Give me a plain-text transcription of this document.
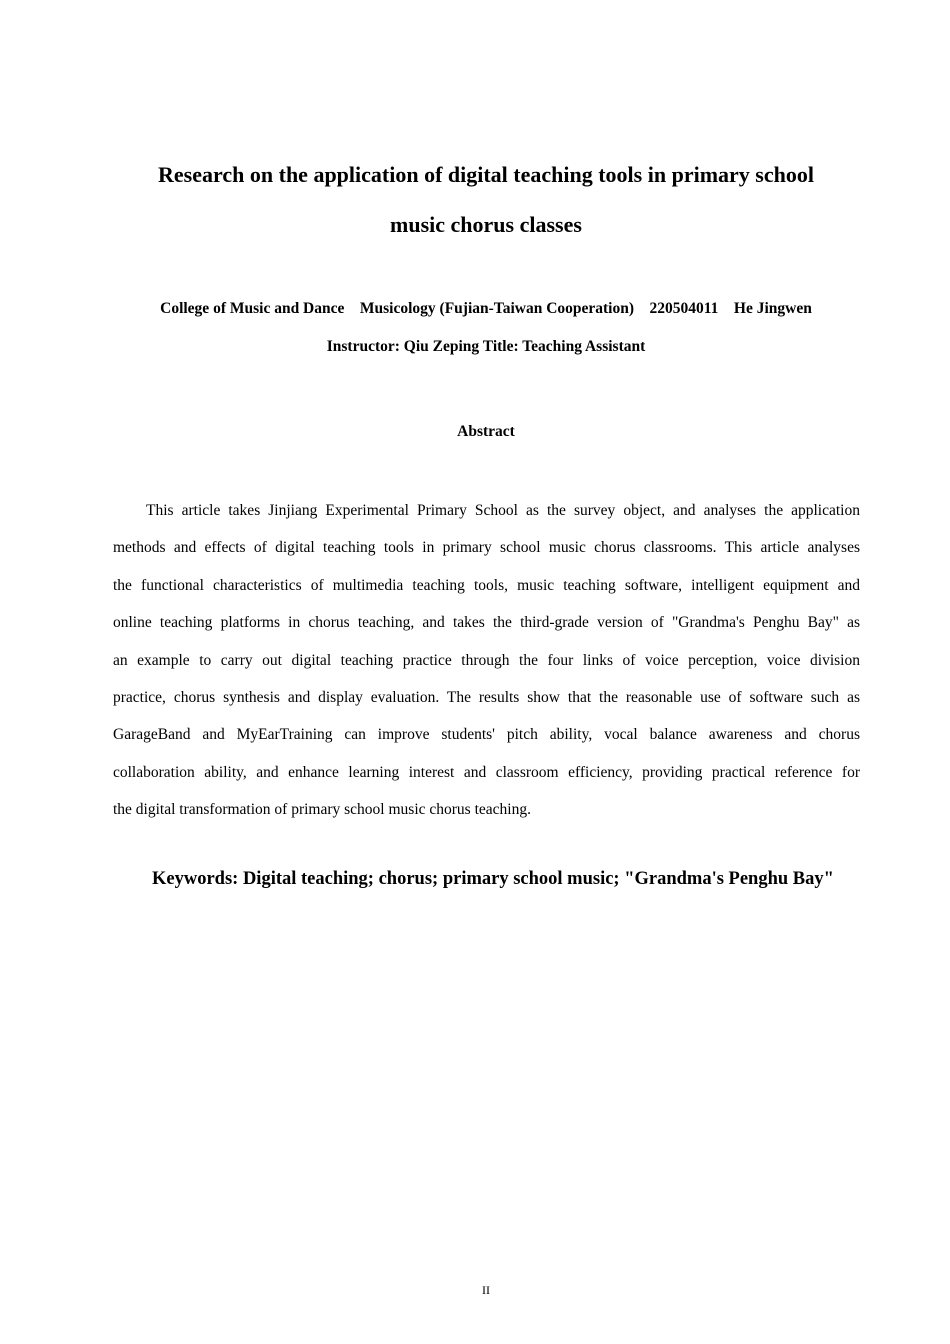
Research on the application of digital teaching tools in primary school
music chorus classes
College of Music and Dance    Musicology (Fujian-Taiwan Cooperation)    220504011    He Jingwen
Instructor: Qiu Zeping Title: Teaching Assistant
Abstract
This article takes Jinjiang Experimental Primary School as the survey object, and analyses the application
methods and effects of digital teaching tools in primary school music chorus classrooms. This article analyses
the functional characteristics of multimedia teaching tools, music teaching software, intelligent equipment and
online teaching platforms in chorus teaching, and takes the third-grade version of "Grandma's Penghu Bay" as
an example to carry out digital teaching practice through the four links of voice perception, voice division
practice, chorus synthesis and display evaluation. The results show that the reasonable use of software such as
GarageBand and MyEarTraining can improve students' pitch ability, vocal balance awareness and chorus
collaboration ability, and enhance learning interest and classroom efficiency, providing practical reference for
the digital transformation of primary school music chorus teaching.
Keywords: Digital teaching; chorus; primary school music; "Grandma's Penghu Bay"
II
